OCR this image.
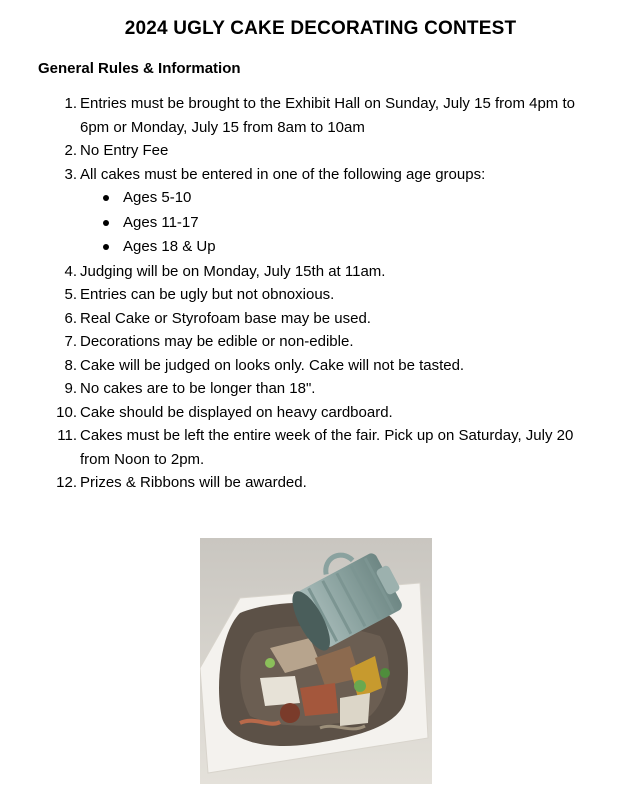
2024 UGLY CAKE DECORATING CONTEST
General Rules & Information
1. Entries must be brought to the Exhibit Hall on Sunday, July 15 from 4pm to 6pm or Monday, July 15 from 8am to 10am
2. No Entry Fee
3. All cakes must be entered in one of the following age groups:
Ages 5-10
Ages 11-17
Ages 18 & Up
4. Judging will be on Monday, July 15th at 11am.
5. Entries can be ugly but not obnoxious.
6. Real Cake or Styrofoam base may be used.
7. Decorations may be edible or non-edible.
8. Cake will be judged on looks only. Cake will not be tasted.
9. No cakes are to be longer than 18".
10. Cake should be displayed on heavy cardboard.
11. Cakes must be left the entire week of the fair. Pick up on Saturday, July 20 from Noon to 2pm.
12. Prizes & Ribbons will be awarded.
